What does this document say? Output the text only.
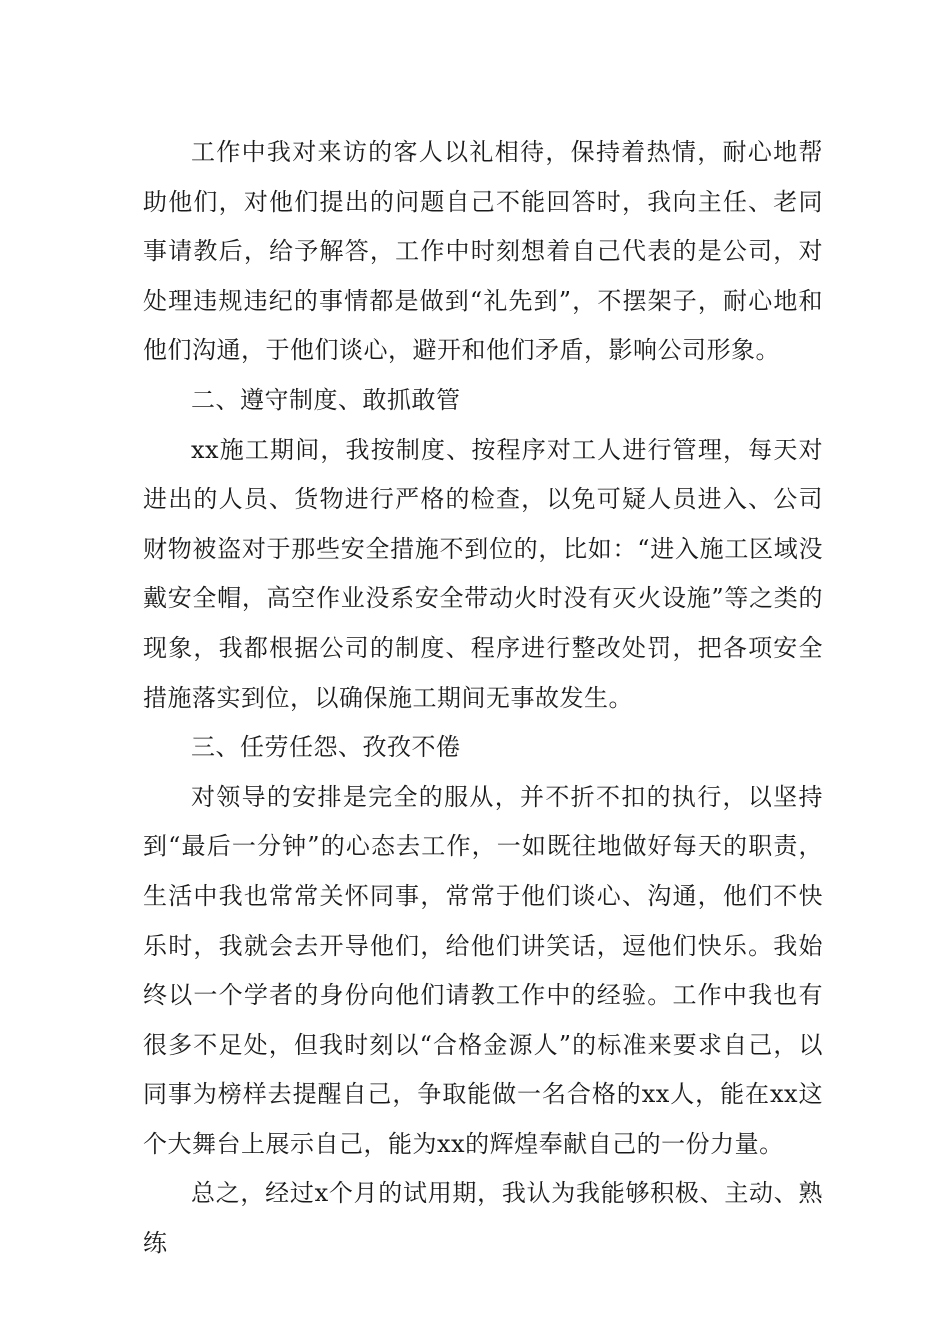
工作中我对来访的客人以礼相待，保持着热情，耐心地帮助他们，对他们提出的问题自己不能回答时，我向主任、老同事请教后，给予解答，工作中时刻想着自己代表的是公司，对处理违规违纪的事情都是做到“礼先到”，不摆架子，耐心地和他们沟通，于他们谈心，避开和他们矛盾，影响公司形象。

二、遵守制度、敢抓敢管

xx施工期间，我按制度、按程序对工人进行管理，每天对进出的人员、货物进行严格的检查，以免可疑人员进入、公司财物被盗对于那些安全措施不到位的，比如：“进入施工区域没戴安全帽，高空作业没系安全带动火时没有灭火设施”等之类的现象，我都根据公司的制度、程序进行整改处罚，把各项安全措施落实到位，以确保施工期间无事故发生。

三、任劳任怨、孜孜不倦

对领导的安排是完全的服从，并不折不扣的执行，以坚持到“最后一分钟”的心态去工作，一如既往地做好每天的职责，生活中我也常常关怀同事，常常于他们谈心、沟通，他们不快乐时，我就会去开导他们，给他们讲笑话，逗他们快乐。我始终以一个学者的身份向他们请教工作中的经验。工作中我也有很多不足处，但我时刻以“合格金源人”的标准来要求自己，以同事为榜样去提醒自己，争取能做一名合格的xx人，能在xx这个大舞台上展示自己，能为xx的辉煌奉献自己的一份力量。

总之，经过x个月的试用期，我认为我能够积极、主动、熟练
